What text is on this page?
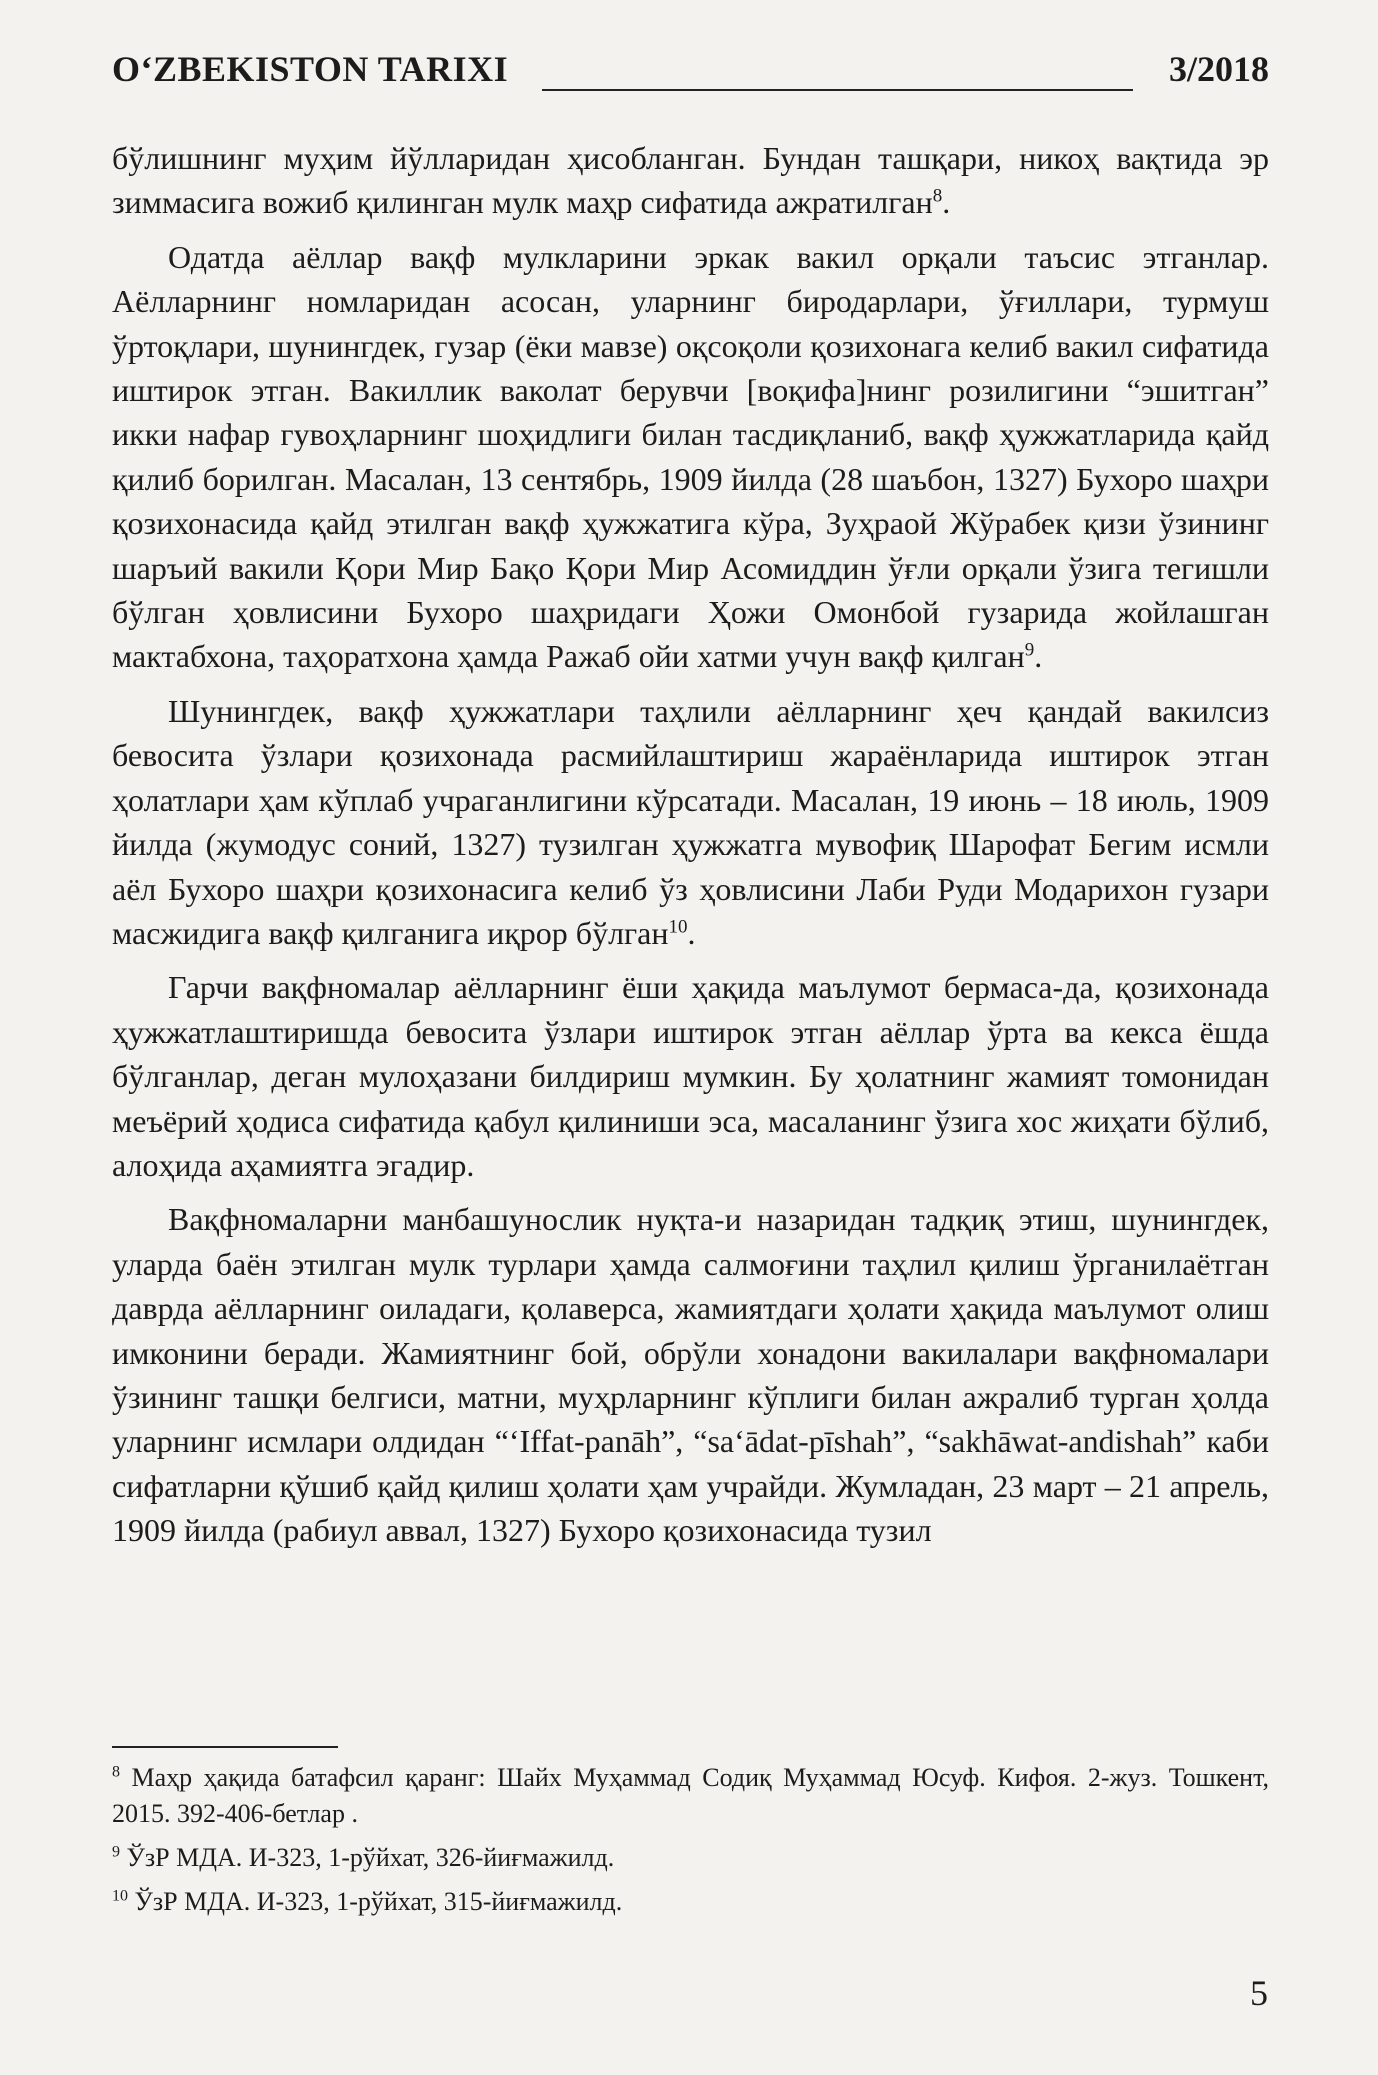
O‘ZBEKISTON TARIXI	3/2018

бўлишнинг муҳим йўлларидан ҳисобланган. Бундан ташқари, никоҳ вақтида эр зиммасига вожиб қилинган мулк маҳр сифатида ажратилган$^8$.

Одатда аёллар вақф мулкларини эркак вакил орқали таъсис этганлар. Аёлларнинг номларидан асосан, уларнинг биродарлари, ўғиллари, турмуш ўртоқлари, шунингдек, гузар (ёки мавзе) оқсоқоли қозихонага келиб вакил сифатида иштирок этган. Вакиллик ваколат берувчи [воқифа]нинг розилигини “эшитган” икки нафар гувоҳларнинг шоҳидлиги билан тасдиқланиб, вақф ҳужжатларида қайд қилиб борилган. Масалан, 13 сентябрь, 1909 йилда (28 шаъбон, 1327) Бухоро шаҳри қозихонасида қайд этилган вақф ҳужжатига кўра, Зуҳраой Жўрабек қизи ўзининг шаръий вакили Қори Мир Бақо Қори Мир Асомиддин ўғли орқали ўзига тегишли бўлган ҳовлисини Бухоро шаҳридаги Ҳожи Омонбой гузарида жойлашган мактабхона, таҳоратхона ҳамда Ражаб ойи хатми учун вақф қилган$^9$.

Шунингдек, вақф ҳужжатлари таҳлили аёлларнинг ҳеч қандай вакилсиз бевосита ўзлари қозихонада расмийлаштириш жараёнларида иштирок этган ҳолатлари ҳам кўплаб учраганлигини кўрсатади. Масалан, 19 июнь – 18 июль, 1909 йилда (жумодус соний, 1327) тузилган ҳужжатга мувофиқ Шарофат Бегим исмли аёл Бухоро шаҳри қозихонасига келиб ўз ҳовлисини Лаби Руди Модарихон гузари масжидига вақф қилганига иқрор бўлган$^{10}$.

Гарчи вақфномалар аёлларнинг ёши ҳақида маълумот бермаса-да, қозихонада ҳужжатлаштиришда бевосита ўзлари иштирок этган аёллар ўрта ва кекса ёшда бўлганлар, деган мулоҳазани билдириш мумкин. Бу ҳолатнинг жамият томонидан меъёрий ҳодиса сифатида қабул қилиниши эса, масаланинг ўзига хос жиҳати бўлиб, алоҳида аҳамиятга эгадир.

Вақфномаларни манбашунослик нуқта-и назаридан тадқиқ этиш, шунингдек, уларда баён этилган мулк турлари ҳамда салмоғини таҳлил қилиш ўрганилаётган даврда аёлларнинг оиладаги, қолаверса, жамиятдаги ҳолати ҳақида маълумот олиш имконини беради. Жамиятнинг бой, обрўли хонадони вакилалари вақфномалари ўзининг ташқи белгиси, матни, муҳрларнинг кўплиги билан ажралиб турган ҳолда уларнинг исмлари олдидан “‘Iffat-panāh”, “sa‘ādat-pīshah”, “sakhāwat-andishah” каби сифатларни қўшиб қайд қилиш ҳолати ҳам учрайди. Жумладан, 23 март – 21 апрель, 1909 йилда (рабиул аввал, 1327) Бухоро қозихонасида тузил

$^8$ Маҳр ҳақида батафсил қаранг: Шайх Муҳаммад Содиқ Муҳаммад Юсуф. Кифоя. 2-жуз. Тошкент, 2015. 392-406-бетлар .

$^9$ ЎзР МДА. И-323, 1-рўйхат, 326-йиғмажилд.

$^{10}$ ЎзР МДА. И-323, 1-рўйхат, 315-йиғмажилд.

5
